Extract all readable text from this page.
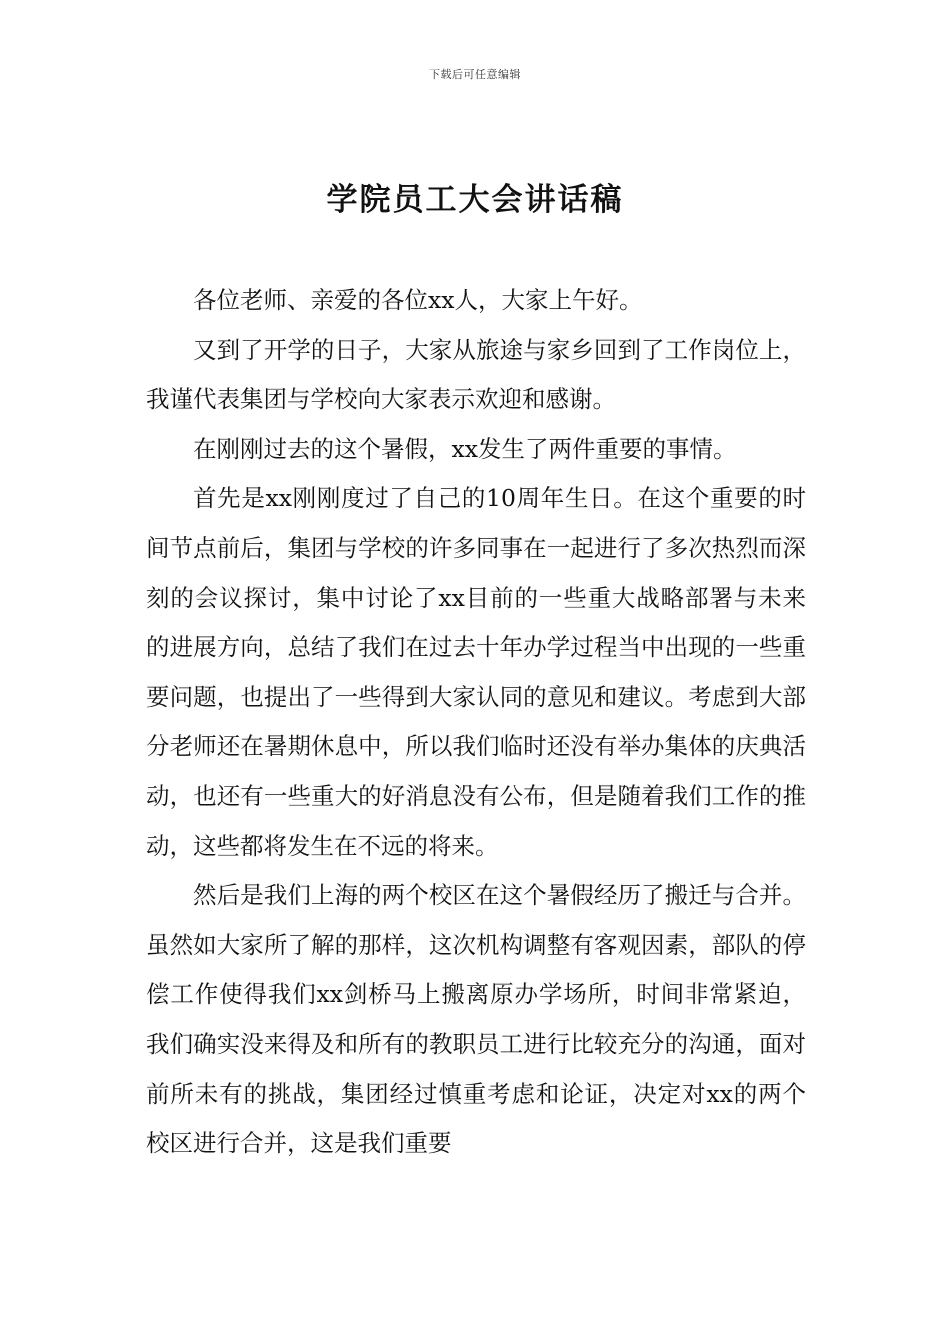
下载后可任意编辑
学院员工大会讲话稿

各位老师、亲爱的各位xx人，大家上午好。

又到了开学的日子，大家从旅途与家乡回到了工作岗位上，我谨代表集团与学校向大家表示欢迎和感谢。

在刚刚过去的这个暑假，xx发生了两件重要的事情。

首先是xx刚刚度过了自己的10周年生日。在这个重要的时间节点前后，集团与学校的许多同事在一起进行了多次热烈而深刻的会议探讨，集中讨论了xx目前的一些重大战略部署与未来的进展方向，总结了我们在过去十年办学过程当中出现的一些重要问题，也提出了一些得到大家认同的意见和建议。考虑到大部分老师还在暑期休息中，所以我们临时还没有举办集体的庆典活动，也还有一些重大的好消息没有公布，但是随着我们工作的推动，这些都将发生在不远的将来。

然后是我们上海的两个校区在这个暑假经历了搬迁与合并。虽然如大家所了解的那样，这次机构调整有客观因素，部队的停偿工作使得我们xx剑桥马上搬离原办学场所，时间非常紧迫，我们确实没来得及和所有的教职员工进行比较充分的沟通，面对前所未有的挑战，集团经过慎重考虑和论证，决定对xx的两个校区进行合并，这是我们重要
